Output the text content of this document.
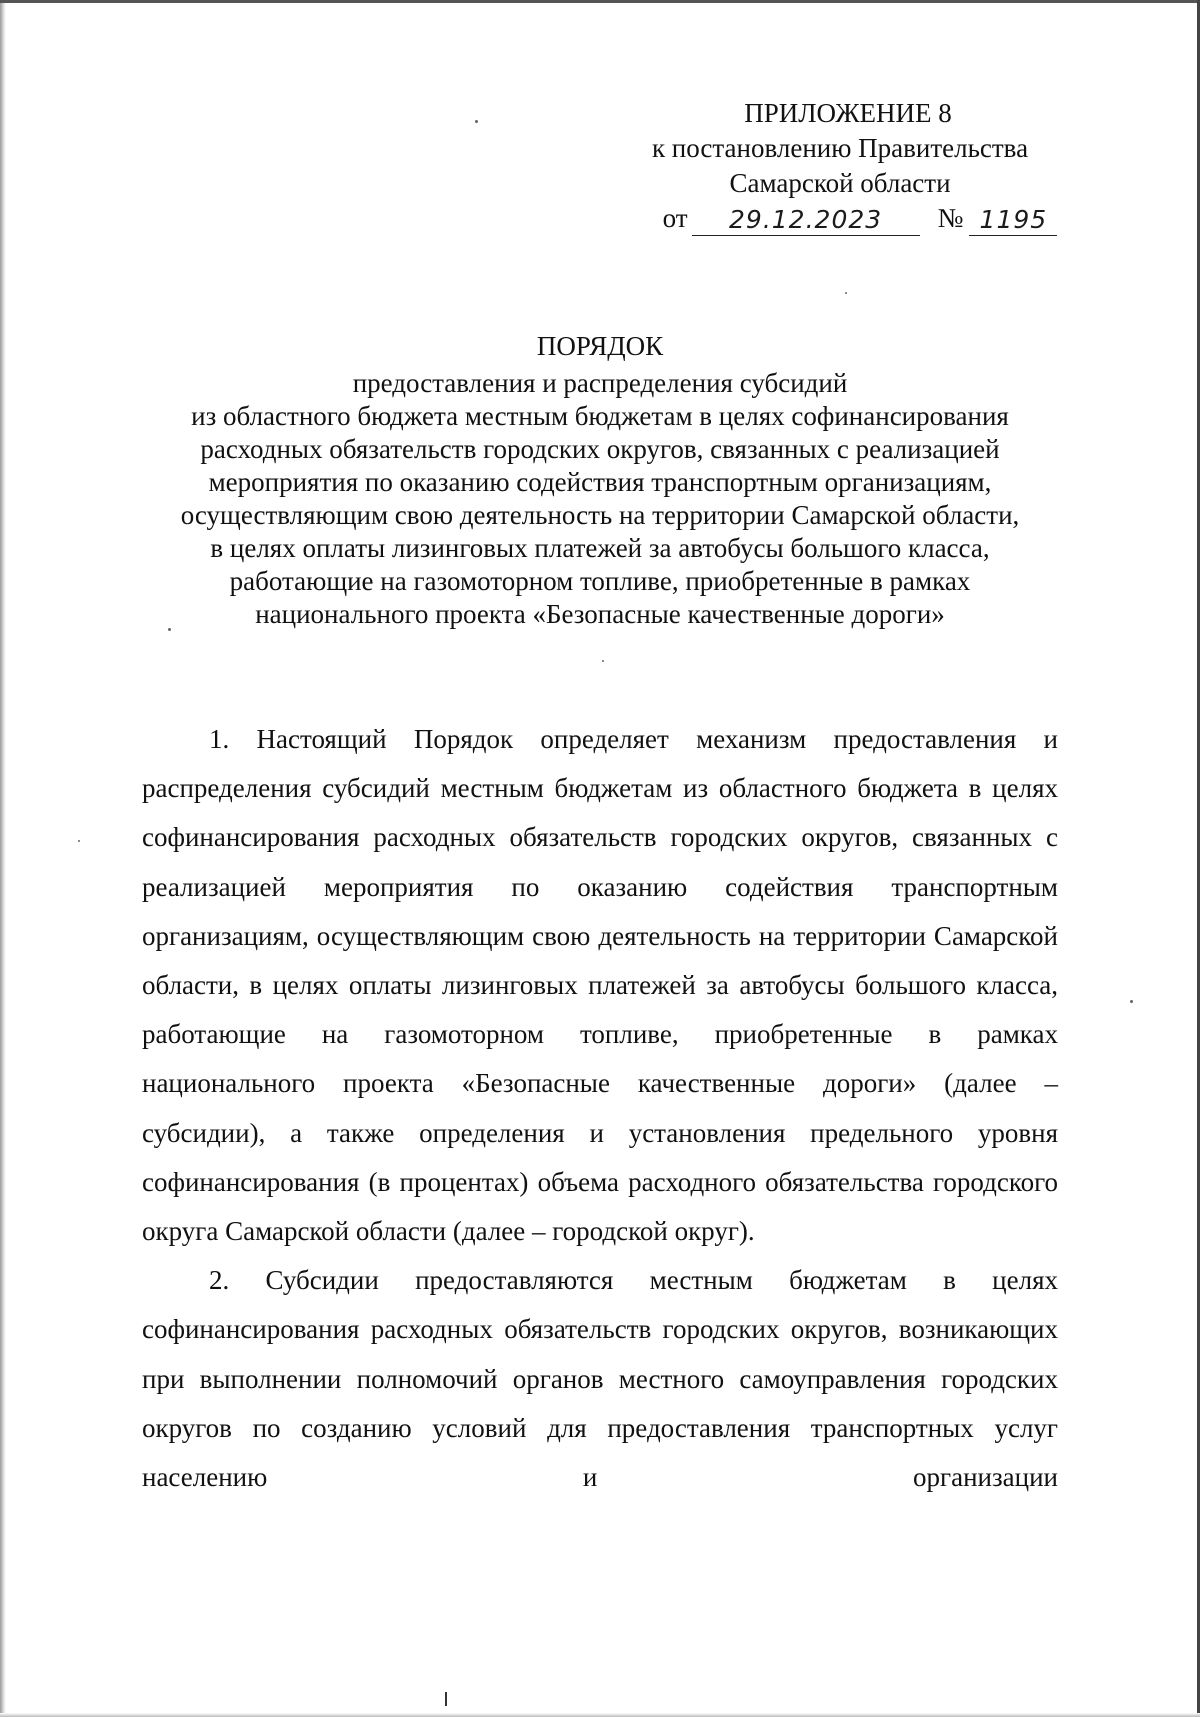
ПРИЛОЖЕНИЕ 8
к постановлению Правительства
Самарской области
от	29.12.2023	№ 1195
ПОРЯДОК
предоставления и распределения субсидий
из областного бюджета местным бюджетам в целях софинансирования
расходных обязательств городских округов, связанных с реализацией
мероприятия по оказанию содействия транспортным организациям,
осуществляющим свою деятельность на территории Самарской области,
в целях оплаты лизинговых платежей за автобусы большого класса,
работающие на газомоторном топливе, приобретенные в рамках
национального проекта «Безопасные качественные дороги»

1. Настоящий Порядок определяет механизм предоставления и распределения субсидий местным бюджетам из областного бюджета в целях софинансирования расходных обязательств городских округов, связанных с реализацией мероприятия по оказанию содействия транспортным организациям, осуществляющим свою деятельность на территории Самарской области, в целях оплаты лизинговых платежей за автобусы большого класса, работающие на газомоторном топливе, приобретенные в рамках национального проекта «Безопасные качественные дороги» (далее – субсидии), а также определения и установления предельного уровня софинансирования (в процентах) объема расходного обязательства городского округа Самарской области (далее – городской округ).

2. Субсидии предоставляются местным бюджетам в целях софинансирования расходных обязательств городских округов, возникающих при выполнении полномочий органов местного самоуправления городских округов по созданию условий для предоставления транспортных услуг населению и организации
